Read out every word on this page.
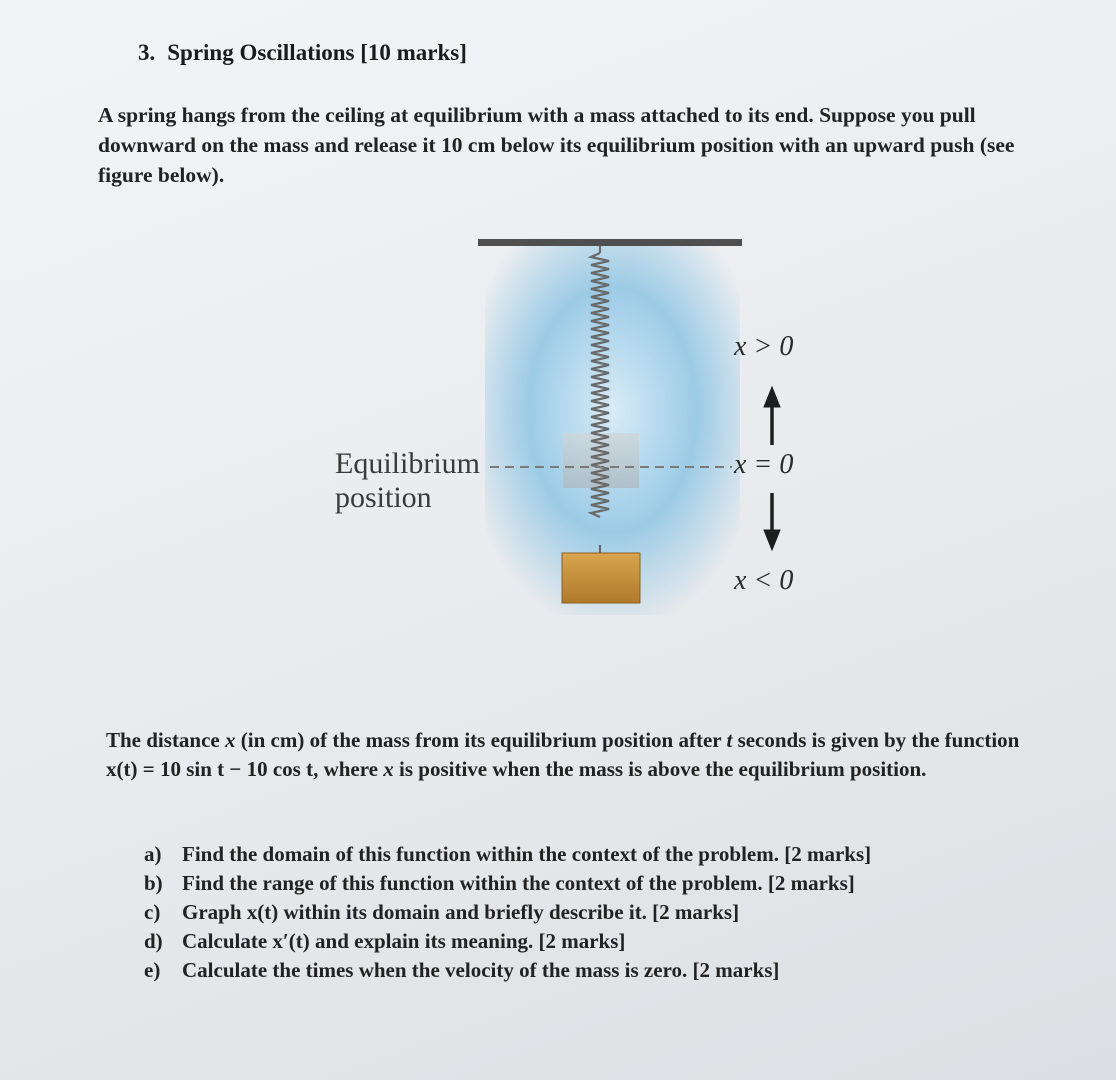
3. Spring Oscillations [10 marks]

A spring hangs from the ceiling at equilibrium with a mass attached to its end. Suppose you pull downward on the mass and release it 10 cm below its equilibrium position with an upward push (see figure below).

Equilibrium
position
x > 0
x = 0
x < 0

The distance x (in cm) of the mass from its equilibrium position after t seconds is given by the function x(t) = 10 sin t − 10 cos t, where x is positive when the mass is above the equilibrium position.

a) Find the domain of this function within the context of the problem. [2 marks]
b) Find the range of this function within the context of the problem. [2 marks]
c) Graph x(t) within its domain and briefly describe it. [2 marks]
d) Calculate x′(t) and explain its meaning. [2 marks]
e) Calculate the times when the velocity of the mass is zero. [2 marks]
